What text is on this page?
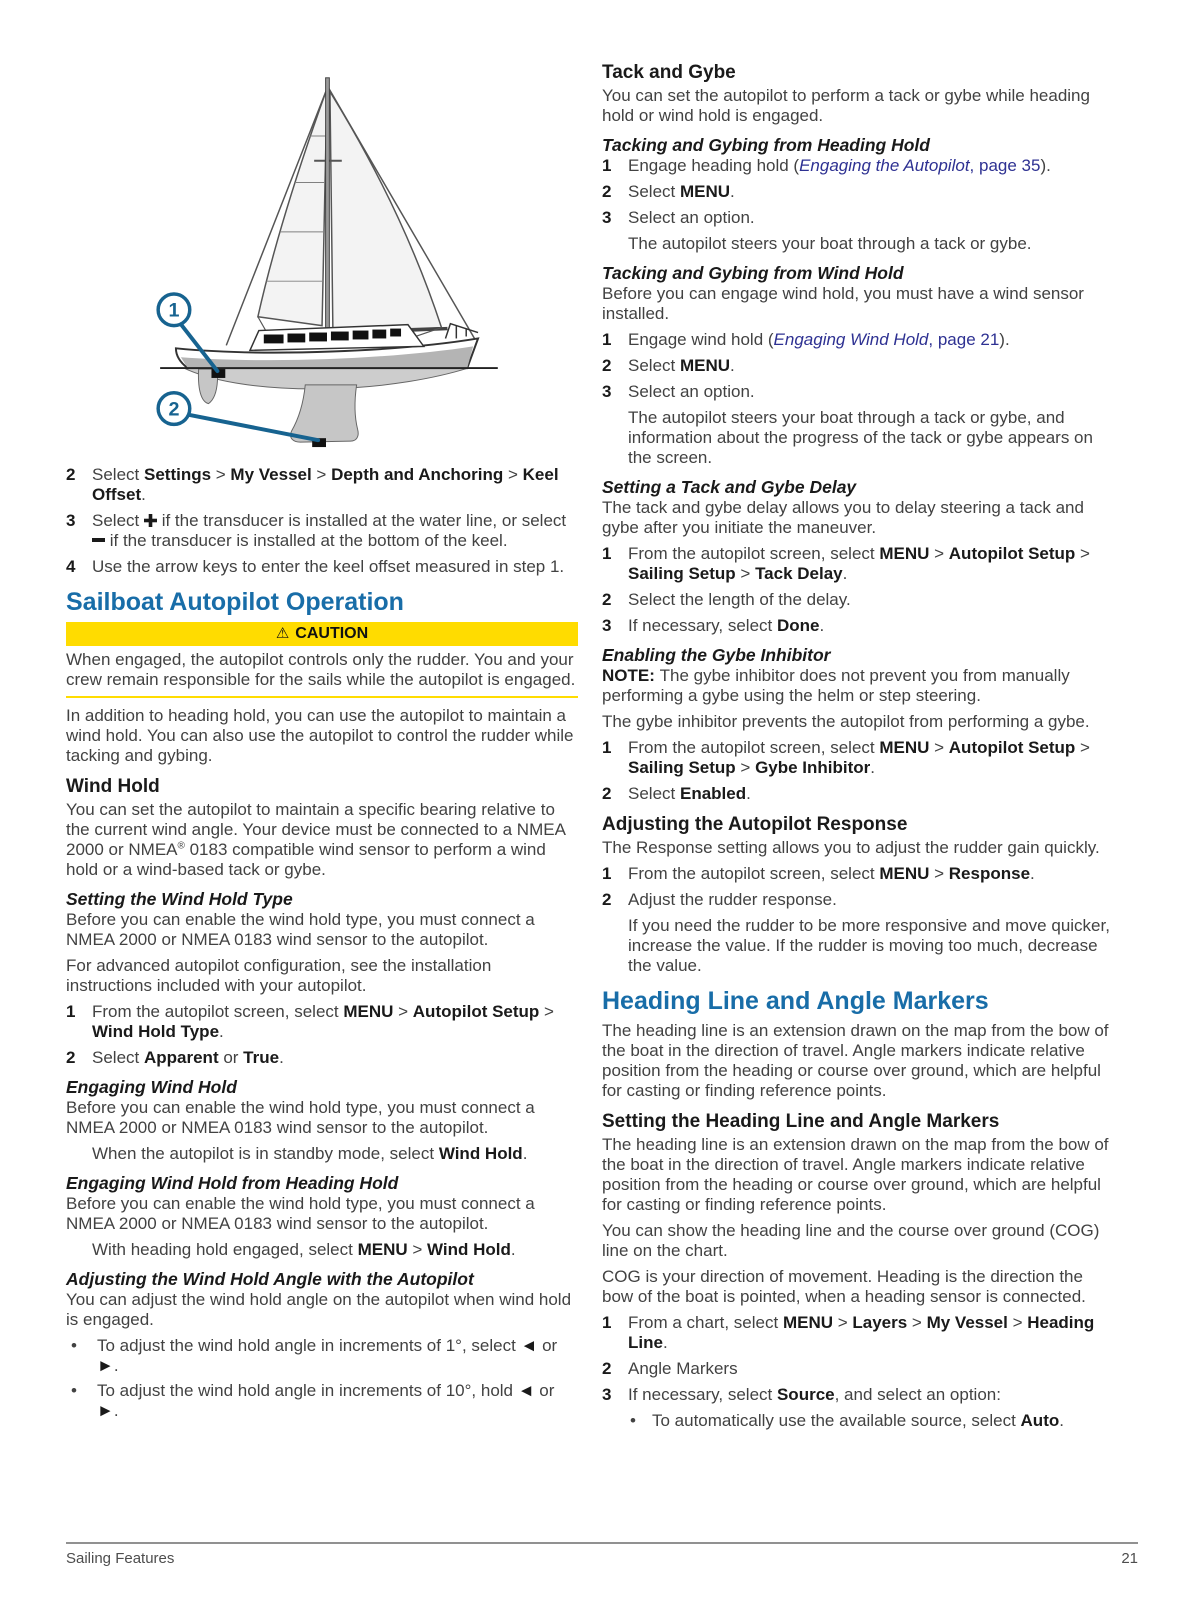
1
2
2 Select Settings > My Vessel > Depth and Anchoring > Keel Offset.
3 Select  if the transducer is installed at the water line, or select  if the transducer is installed at the bottom of the keel.
4 Use the arrow keys to enter the keel offset measured in step 1.
Sailboat Autopilot Operation
⚠ CAUTION
When engaged, the autopilot controls only the rudder. You and your crew remain responsible for the sails while the autopilot is engaged.

In addition to heading hold, you can use the autopilot to maintain a wind hold. You can also use the autopilot to control the rudder while tacking and gybing.

Wind Hold

You can set the autopilot to maintain a specific bearing relative to the current wind angle. Your device must be connected to a NMEA 2000 or NMEA® 0183 compatible wind sensor to perform a wind hold or a wind-based tack or gybe.

Setting the Wind Hold Type

Before you can enable the wind hold type, you must connect a NMEA 2000 or NMEA 0183 wind sensor to the autopilot.

For advanced autopilot configuration, see the installation instructions included with your autopilot.

1 From the autopilot screen, select MENU > Autopilot Setup > Wind Hold Type.
2 Select Apparent or True.
Engaging Wind Hold

Before you can enable the wind hold type, you must connect a NMEA 2000 or NMEA 0183 wind sensor to the autopilot.

When the autopilot is in standby mode, select Wind Hold.

Engaging Wind Hold from Heading Hold

Before you can enable the wind hold type, you must connect a NMEA 2000 or NMEA 0183 wind sensor to the autopilot.

With heading hold engaged, select MENU > Wind Hold.

Adjusting the Wind Hold Angle with the Autopilot

You can adjust the wind hold angle on the autopilot when wind hold is engaged.

•	To adjust the wind hold angle in increments of 1°, select ◄ or ►.
•	To adjust the wind hold angle in increments of 10°, hold ◄ or ►.
Tack and Gybe

You can set the autopilot to perform a tack or gybe while heading hold or wind hold is engaged.

Tacking and Gybing from Heading Hold
1 Engage heading hold (Engaging the Autopilot, page 35).
2 Select MENU.
3 Select an option.
The autopilot steers your boat through a tack or gybe.
Tacking and Gybing from Wind Hold

Before you can engage wind hold, you must have a wind sensor installed.

1 Engage wind hold (Engaging Wind Hold, page 21).
2 Select MENU.
3 Select an option.
The autopilot steers your boat through a tack or gybe, and information about the progress of the tack or gybe appears on the screen.
Setting a Tack and Gybe Delay

The tack and gybe delay allows you to delay steering a tack and gybe after you initiate the maneuver.

1 From the autopilot screen, select MENU > Autopilot Setup > Sailing Setup > Tack Delay.
2 Select the length of the delay.
3 If necessary, select Done.
Enabling the Gybe Inhibitor

NOTE: The gybe inhibitor does not prevent you from manually performing a gybe using the helm or step steering.

The gybe inhibitor prevents the autopilot from performing a gybe.

1 From the autopilot screen, select MENU > Autopilot Setup > Sailing Setup > Gybe Inhibitor.
2 Select Enabled.
Adjusting the Autopilot Response

The Response setting allows you to adjust the rudder gain quickly.

1 From the autopilot screen, select MENU > Response.
2 Adjust the rudder response.
If you need the rudder to be more responsive and move quicker, increase the value. If the rudder is moving too much, decrease the value.
Heading Line and Angle Markers

The heading line is an extension drawn on the map from the bow of the boat in the direction of travel. Angle markers indicate relative position from the heading or course over ground, which are helpful for casting or finding reference points.

Setting the Heading Line and Angle Markers

The heading line is an extension drawn on the map from the bow of the boat in the direction of travel. Angle markers indicate relative position from the heading or course over ground, which are helpful for casting or finding reference points.

You can show the heading line and the course over ground (COG) line on the chart.

COG is your direction of movement. Heading is the direction the bow of the boat is pointed, when a heading sensor is connected.

1 From a chart, select MENU > Layers > My Vessel > Heading Line.
2 Angle Markers
3 If necessary, select Source, and select an option:
• To automatically use the available source, select Auto.
Sailing Features	21
